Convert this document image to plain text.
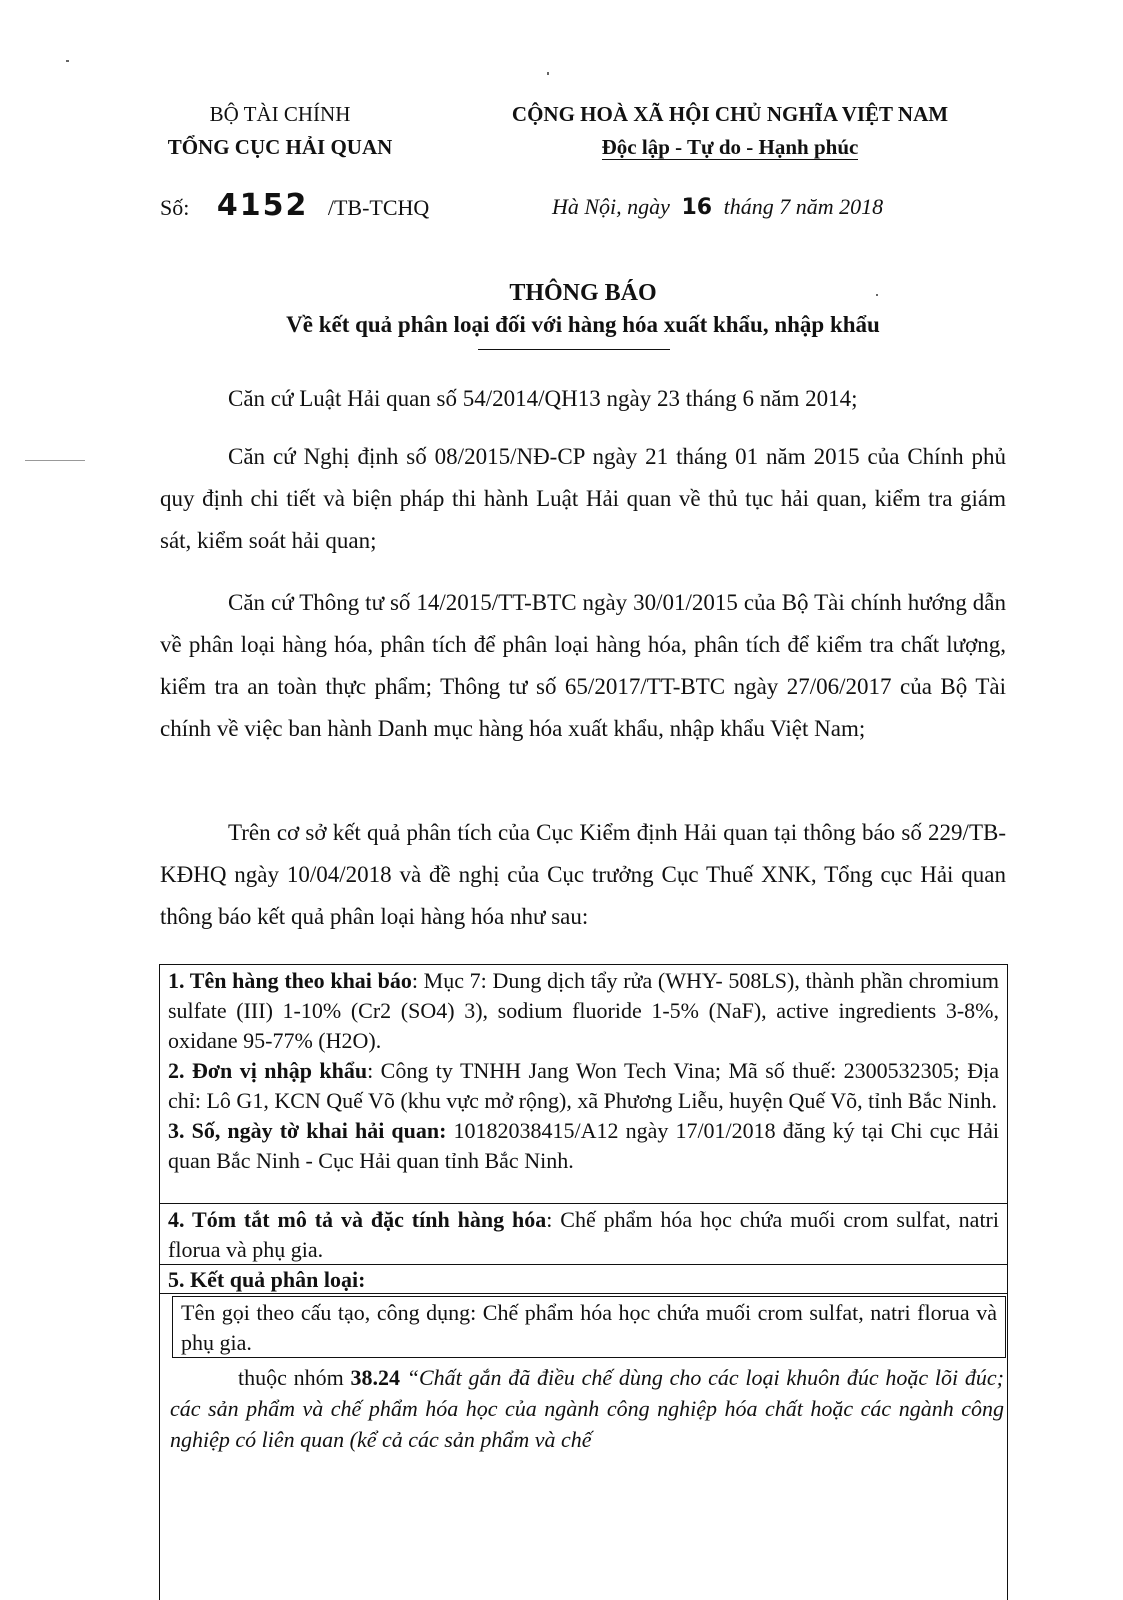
BỘ TÀI CHÍNH
TỔNG CỤC HẢI QUAN
CỘNG HOÀ XÃ HỘI CHỦ NGHĨA VIỆT NAM
Độc lập - Tự do - Hạnh phúc
Số: 4152 /TB-TCHQ	Hà Nội, ngày 16 tháng 7 năm 2018
THÔNG BÁO
Về kết quả phân loại đối với hàng hóa xuất khẩu, nhập khẩu
Căn cứ Luật Hải quan số 54/2014/QH13 ngày 23 tháng 6 năm 2014;
Căn cứ Nghị định số 08/2015/NĐ-CP ngày 21 tháng 01 năm 2015 của Chính phủ quy định chi tiết và biện pháp thi hành Luật Hải quan về thủ tục hải quan, kiểm tra giám sát, kiểm soát hải quan;
Căn cứ Thông tư số 14/2015/TT-BTC ngày 30/01/2015 của Bộ Tài chính hướng dẫn về phân loại hàng hóa, phân tích để phân loại hàng hóa, phân tích để kiểm tra chất lượng, kiểm tra an toàn thực phẩm; Thông tư số 65/2017/TT-BTC ngày 27/06/2017 của Bộ Tài chính về việc ban hành Danh mục hàng hóa xuất khẩu, nhập khẩu Việt Nam;
Trên cơ sở kết quả phân tích của Cục Kiểm định Hải quan tại thông báo số 229/TB-KĐHQ ngày 10/04/2018 và đề nghị của Cục trưởng Cục Thuế XNK, Tổng cục Hải quan thông báo kết quả phân loại hàng hóa như sau:
1. Tên hàng theo khai báo: Mục 7: Dung dịch tẩy rửa (WHY- 508LS), thành phần chromium sulfate (III) 1-10% (Cr2 (SO4) 3), sodium fluoride 1-5% (NaF), active ingredients 3-8%, oxidane 95-77% (H2O).
2. Đơn vị nhập khẩu: Công ty TNHH Jang Won Tech Vina; Mã số thuế: 2300532305; Địa chỉ: Lô G1, KCN Quế Võ (khu vực mở rộng), xã Phương Liễu, huyện Quế Võ, tỉnh Bắc Ninh.
3. Số, ngày tờ khai hải quan: 10182038415/A12 ngày 17/01/2018 đăng ký tại Chi cục Hải quan Bắc Ninh - Cục Hải quan tỉnh Bắc Ninh.
4. Tóm tắt mô tả và đặc tính hàng hóa: Chế phẩm hóa học chứa muối crom sulfat, natri florua và phụ gia.
5. Kết quả phân loại:
Tên gọi theo cấu tạo, công dụng: Chế phẩm hóa học chứa muối crom sulfat, natri florua và phụ gia.
thuộc nhóm 38.24 “Chất gắn đã điều chế dùng cho các loại khuôn đúc hoặc lõi đúc; các sản phẩm và chế phẩm hóa học của ngành công nghiệp hóa chất hoặc các ngành công nghiệp có liên quan (kể cả các sản phẩm và chế
